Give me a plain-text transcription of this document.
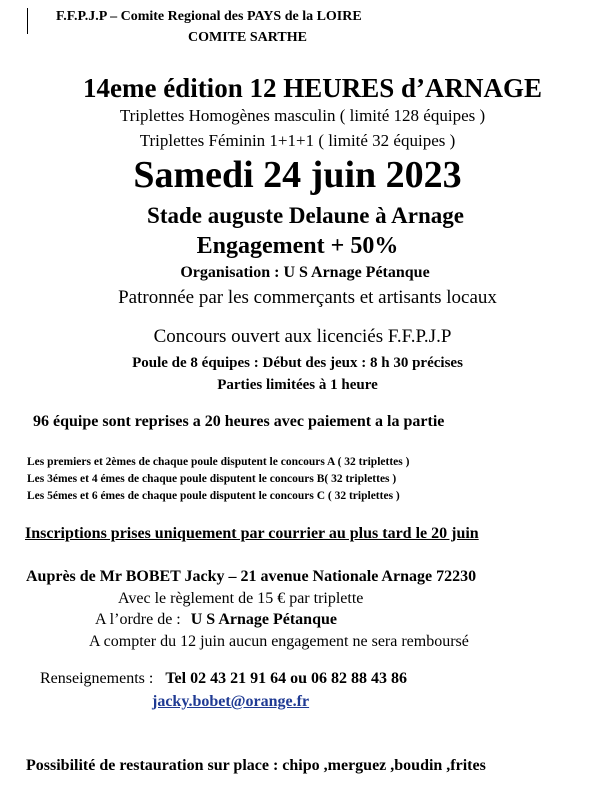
F.F.P.J.P – Comite Regional des PAYS de la LOIRE
COMITE SARTHE
14eme édition 12 HEURES d’ARNAGE
Triplettes Homogènes masculin ( limité 128 équipes )
Triplettes Féminin 1+1+1 ( limité 32 équipes )
Samedi 24 juin 2023
Stade auguste Delaune à Arnage
Engagement + 50%
Organisation : U S Arnage Pétanque
Patronnée par les commerçants et artisants locaux
Concours ouvert aux licenciés F.F.P.J.P
Poule de 8 équipes : Début des jeux : 8 h 30 précises
Parties limitées à 1 heure
96 équipe sont reprises a 20 heures avec paiement a la partie
Les premiers et 2èmes de chaque poule disputent le concours A ( 32 triplettes )
Les 3émes et 4 émes de chaque poule disputent le concours B( 32 triplettes )
Les 5émes et 6 émes de chaque poule disputent le concours C ( 32 triplettes )
Inscriptions prises uniquement par courrier au plus tard le 20 juin
Auprès de Mr BOBET Jacky – 21 avenue Nationale Arnage 72230
Avec le règlement de 15 € par triplette
A l’ordre de : U S Arnage Pétanque
A compter du 12 juin aucun engagement ne sera remboursé
Renseignements : Tel 02 43 21 91 64 ou 06 82 88 43 86
jacky.bobet@orange.fr
Possibilité de restauration sur place : chipo ,merguez ,boudin ,frites
